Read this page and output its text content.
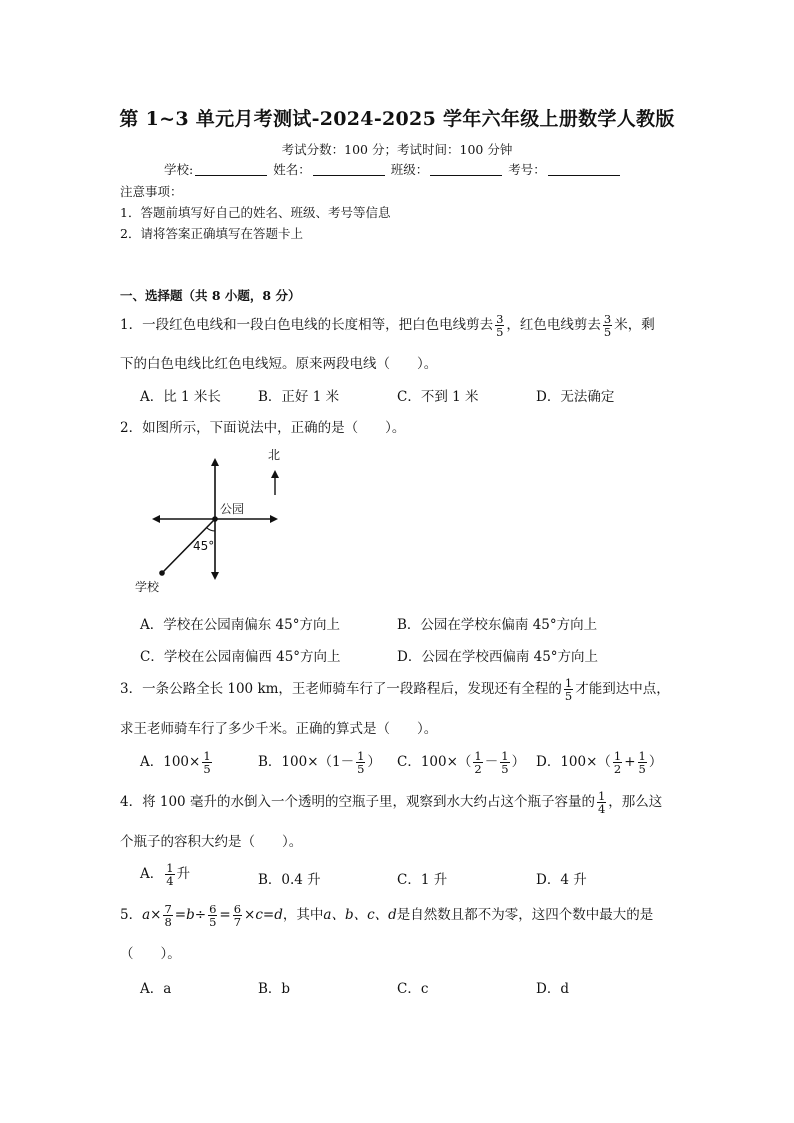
第 1~3 单元月考测试-2024-2025 学年六年级上册数学人教版
考试分数：100 分；考试时间：100 分钟
学校:	姓名：	班级：	考号：
注意事项：
1．答题前填写好自己的姓名、班级、考号等信息
2．请将答案正确填写在答题卡上
一、选择题（共 8 小题，8 分）
1．一段红色电线和一段白色电线的长度相等，把白色电线剪去 $\frac{3}{5}$ ，红色电线剪去 $\frac{3}{5}$ 米，剩
下的白色电线比红色电线短。原来两段电线（　　）。
A．比 1 米长	B．正好 1 米	C．不到 1 米	D．无法确定
2．如图所示，下面说法中，正确的是（　　）。
北
公园
45°
学校
A．学校在公园南偏东 45°方向上	B．公园在学校东偏南 45°方向上
C．学校在公园南偏西 45°方向上	D．公园在学校西偏南 45°方向上
3．一条公路全长 100 km，王老师骑车行了一段路程后，发现还有全程的 $\frac{1}{5}$ 才能到达中点，
求王老师骑车行了多少千米。正确的算式是（　　）。
A．$100\times \frac{1}{5}$	B．$100\times(1- \frac{1}{5}$ ） C．$100\times( \frac{1}{2} - \frac{1}{5}$ ） D．$100\times( \frac{1}{2} + \frac{1}{5}$ ）
4．将 100 毫升的水倒入一个透明的空瓶子里，观察到水大约占这个瓶子容量的 $\frac{1}{4}$ ，那么这
个瓶子的容积大约是（　　）。
A． $\frac{1}{4}$ 升	B．0.4 升	C．1 升	D．4 升
5．$a\times \frac{7}{8} =b\div \frac{6}{5} = \frac{6}{7} \times c=d$，其中a、b、c、d是自然数且都不为零，这四个数中最大的是
（　　）。
A．a	B．b	C．c	D．d
